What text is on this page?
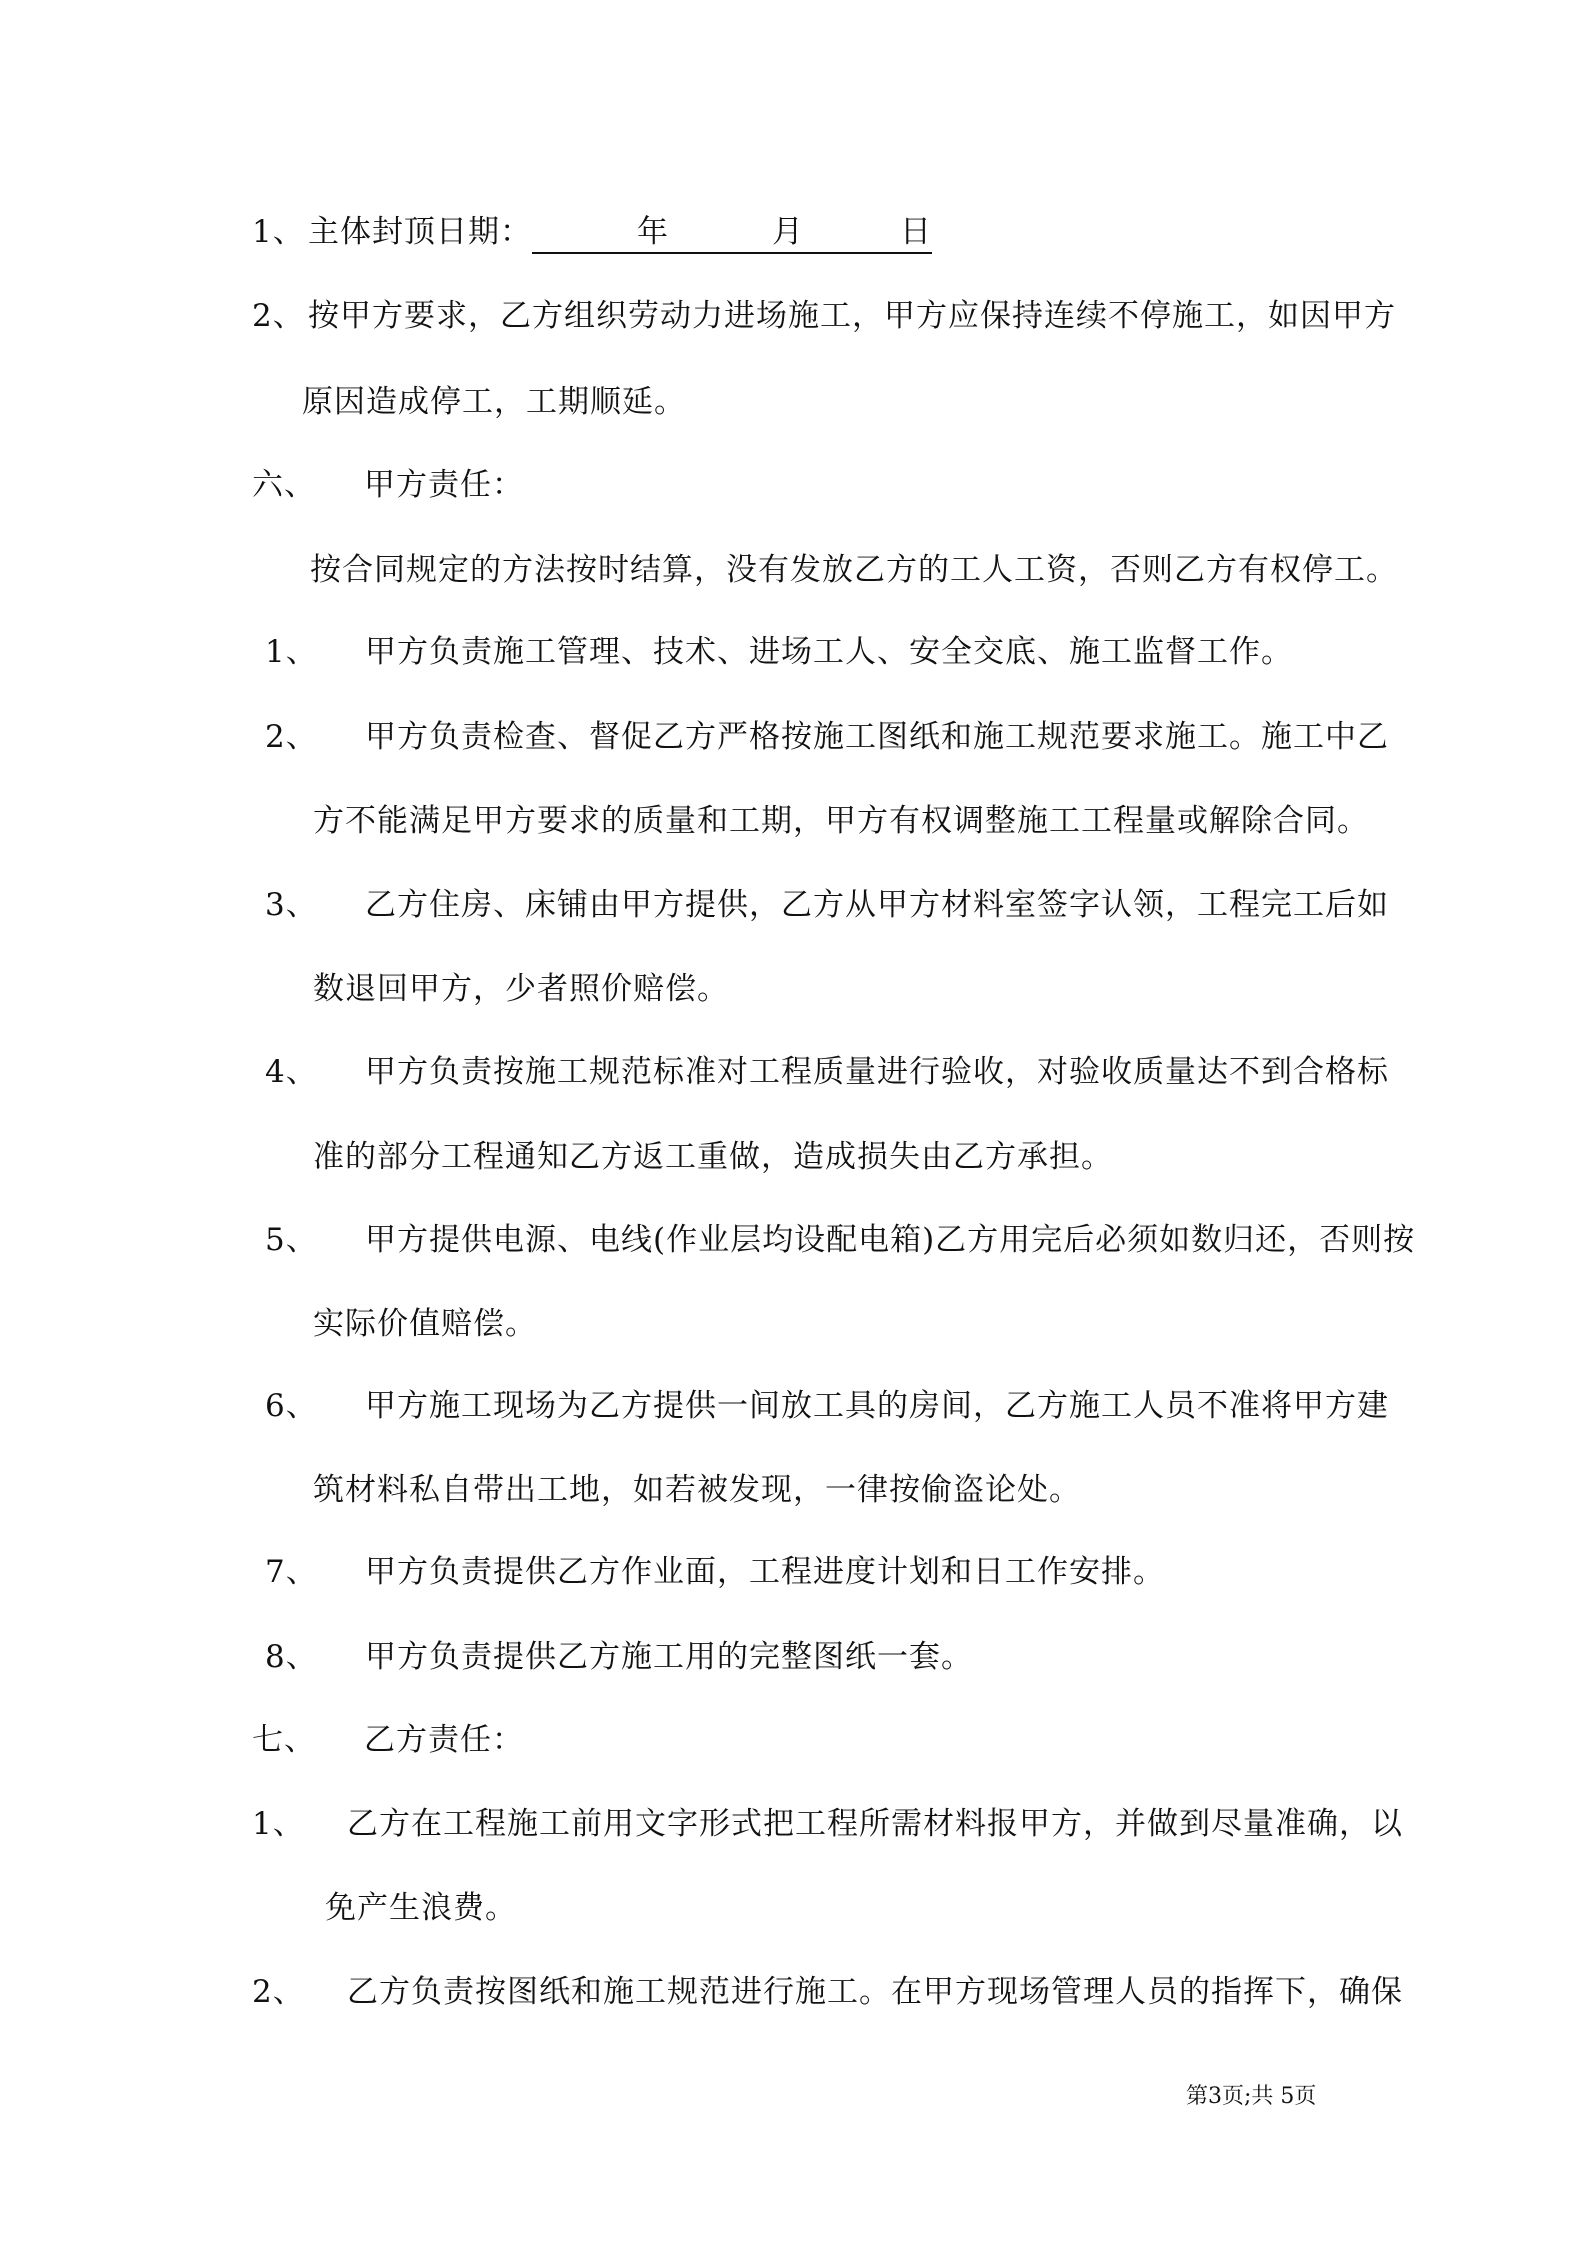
1、 主体封顶日期：	年	月	日
2、 按甲方要求，乙方组织劳动力进场施工，甲方应保持连续不停施工，如因甲方
原因造成停工，工期顺延。
六、 甲方责任：
按合同规定的方法按时结算，没有发放乙方的工人工资，否则乙方有权停工。
1、 甲方负责施工管理、技术、进场工人、安全交底、施工监督工作。
2、 甲方负责检查、督促乙方严格按施工图纸和施工规范要求施工。施工中乙
方不能满足甲方要求的质量和工期，甲方有权调整施工工程量或解除合同。
3、 乙方住房、床铺由甲方提供，乙方从甲方材料室签字认领，工程完工后如
数退回甲方，少者照价赔偿。
4、 甲方负责按施工规范标准对工程质量进行验收，对验收质量达不到合格标
准的部分工程通知乙方返工重做，造成损失由乙方承担。
5、 甲方提供电源、电线(作业层均设配电箱)乙方用完后必须如数归还，否则按
实际价值赔偿。
6、 甲方施工现场为乙方提供一间放工具的房间，乙方施工人员不准将甲方建
筑材料私自带出工地，如若被发现，一律按偷盗论处。
7、 甲方负责提供乙方作业面，工程进度计划和日工作安排。
8、 甲方负责提供乙方施工用的完整图纸一套。
七、 乙方责任：
1、 乙方在工程施工前用文字形式把工程所需材料报甲方，并做到尽量准确，以
免产生浪费。
2、 乙方负责按图纸和施工规范进行施工。在甲方现场管理人员的指挥下，确保
第3页;共 5页
